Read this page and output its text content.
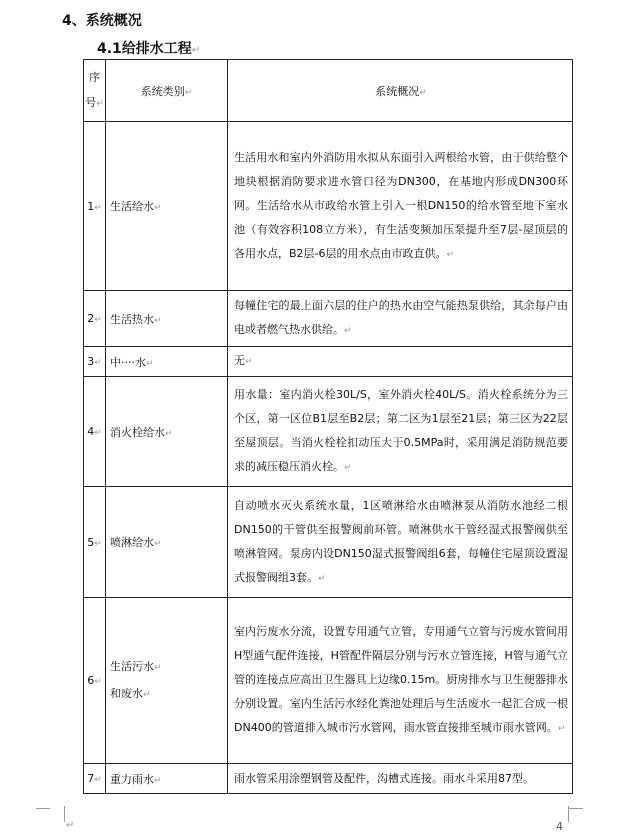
4、系统概况
4.1给排水工程↵
序号↵	系统类别↵	系统概况↵
1↵	生活给水↵	生活用水和室内外消防用水拟从东面引入两根给水管，由于供给整个地块根据消防要求进水管口径为DN300，在基地内形成DN300环网。生活给水从市政给水管上引入一根DN150的给水管至地下室水池（有效容积108立方米），有生活变频加压泵提升至7层-屋顶层的各用水点，B2层-6层的用水点由市政直供。↵
2↵	生活热水↵	每幢住宅的最上面六层的住户的热水由空气能热泵供给，其余每户由电或者燃气热水供给。↵
3↵	中····水↵	无↵
4↵	消火栓给水↵	用水量：室内消火栓30L/S，室外消火栓40L/S。消火栓系统分为三个区，第一区位B1层至B2层；第二区为1层至21层；第三区为22层至屋顶层。当消火栓栓扣动压大于0.5MPa时，采用满足消防规范要求的减压稳压消火栓。↵
5↵	喷淋给水↵	自动喷水灭火系统水量，1区喷淋给水由喷淋泵从消防水池经二根DN150的干管供至报警阀前环管。喷淋供水干管经湿式报警阀供至喷淋管网。泵房内设DN150湿式报警阀组6套，每幢住宅屋顶设置湿式报警阀组3套。↵
6↵	生活污水↵
和废水↵	室内污废水分流，设置专用通气立管，专用通气立管与污废水管间用H型通气配件连接，H管配件隔层分别与污水立管连接，H管与通气立管的连接点应高出卫生器具上边缘0.15m。厨房排水与卫生便器排水分别设置。室内生活污水经化粪池处理后与生活废水一起汇合成一根DN400的管道排入城市污水管网，雨水管直接排至城市雨水管网。↵
7↵	重力雨水↵	雨水管采用涂塑钢管及配件，沟槽式连接。雨水斗采用87型。
↵	4
